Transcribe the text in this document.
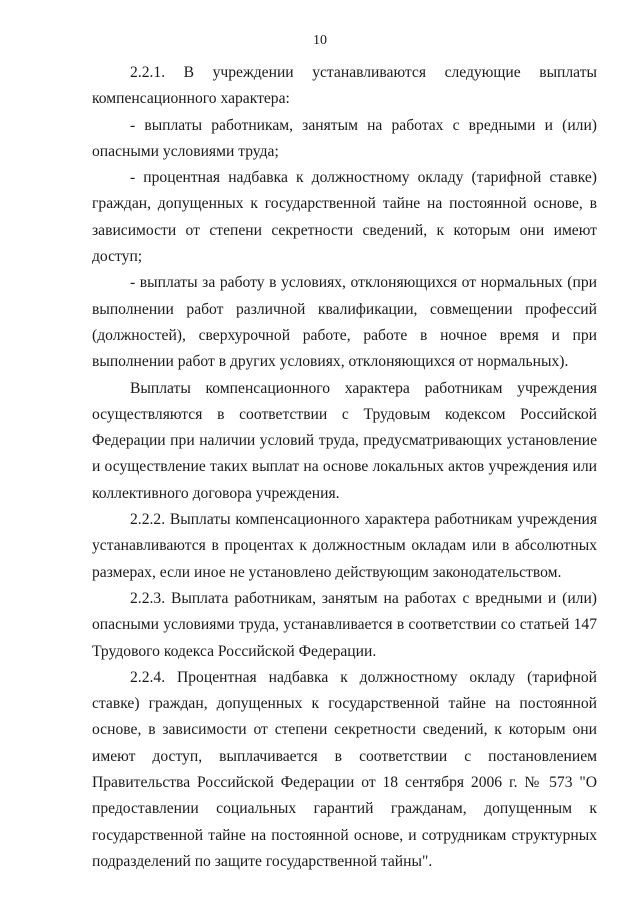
10

2.2.1. В учреждении устанавливаются следующие выплаты компенсационного характера:

- выплаты работникам, занятым на работах с вредными и (или) опасными условиями труда;

- процентная надбавка к должностному окладу (тарифной ставке) граждан, допущенных к государственной тайне на постоянной основе, в зависимости от степени секретности сведений, к которым они имеют доступ;

- выплаты за работу в условиях, отклоняющихся от нормальных (при выполнении работ различной квалификации, совмещении профессий (должностей), сверхурочной работе, работе в ночное время и при выполнении работ в других условиях, отклоняющихся от нормальных).

Выплаты компенсационного характера работникам учреждения осуществляются в соответствии с Трудовым кодексом Российской Федерации при наличии условий труда, предусматривающих установление и осуществление таких выплат на основе локальных актов учреждения или коллективного договора учреждения.

2.2.2. Выплаты компенсационного характера работникам учреждения устанавливаются в процентах к должностным окладам или в абсолютных размерах, если иное не установлено действующим законодательством.

2.2.3. Выплата работникам, занятым на работах с вредными и (или) опасными условиями труда, устанавливается в соответствии со статьей 147 Трудового кодекса Российской Федерации.

2.2.4. Процентная надбавка к должностному окладу (тарифной ставке) граждан, допущенных к государственной тайне на постоянной основе, в зависимости от степени секретности сведений, к которым они имеют доступ, выплачивается в соответствии с постановлением Правительства Российской Федерации от 18 сентября 2006 г. № 573 "О предоставлении социальных гарантий гражданам, допущенным к государственной тайне на постоянной основе, и сотрудникам структурных подразделений по защите государственной тайны".
